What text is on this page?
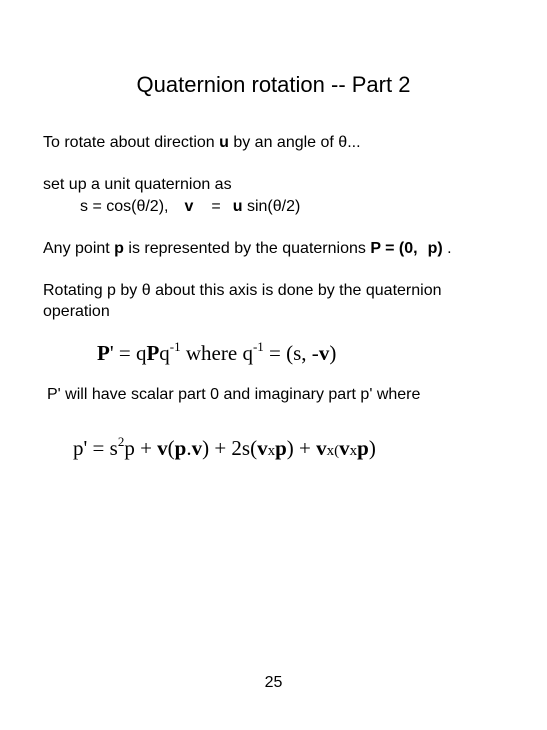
Quaternion rotation -- Part 2
To rotate about direction u by an angle of θ...
set up a unit quaternion as
s = cos(θ/2), v = u sin(θ/2)
Any point p is represented by the quaternions P = (0, p) .
Rotating p by θ about this axis is done by the quaternion
operation
P' = qPq$^{-1}$ where $q^{-1} = (s$, -v)
P' will have scalar part 0 and imaginary part p' where
$p' = s^2p + v(p.v) + 2s(vxp) + vx(vxp)$
25
